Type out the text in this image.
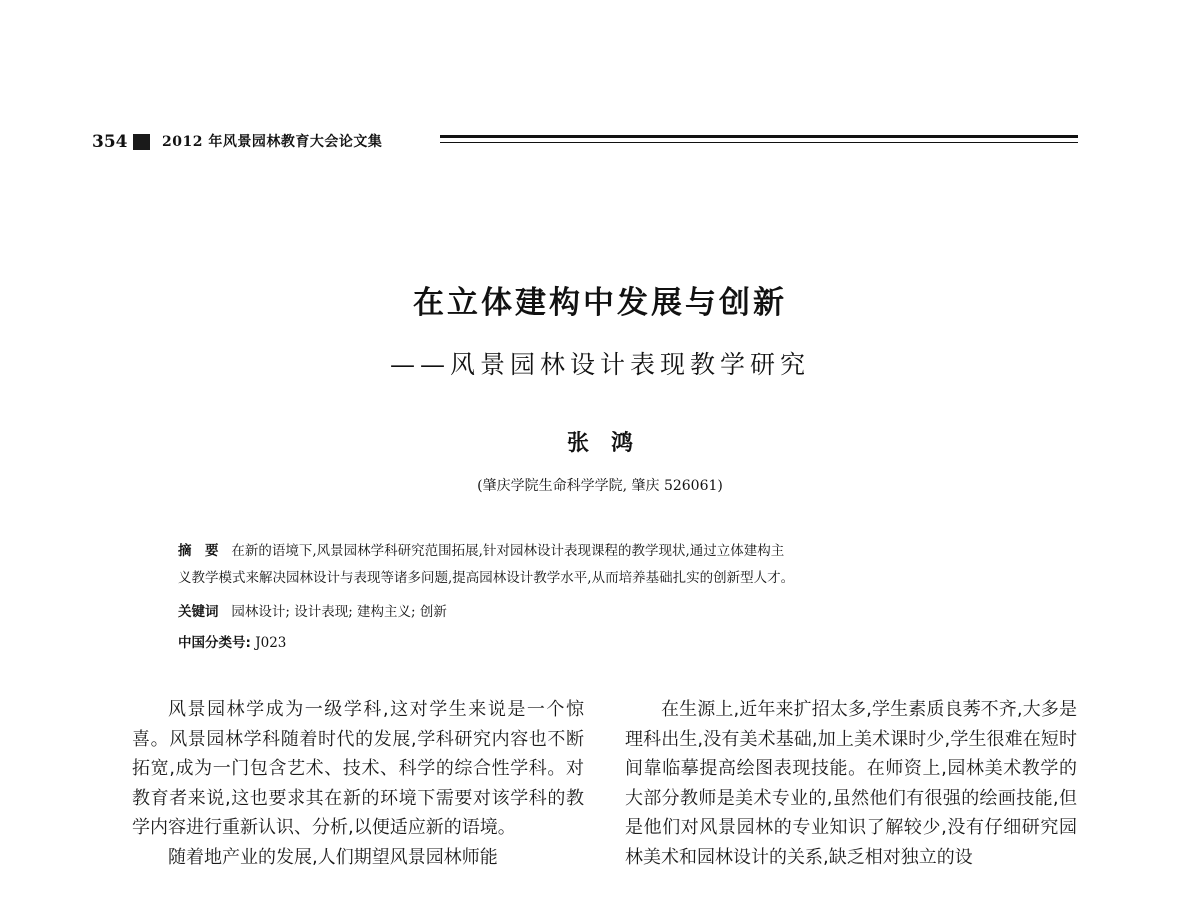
354 2012 年风景园林教育大会论文集
在立体建构中发展与创新
——风景园林设计表现教学研究
张　鸿
(肇庆学院生命科学学院, 肇庆 526061)
摘　要 在新的语境下,风景园林学科研究范围拓展,针对园林设计表现课程的教学现状,通过立体建构主
义教学模式来解决园林设计与表现等诸多问题,提高园林设计教学水平,从而培养基础扎实的创新型人才。
关键词 园林设计; 设计表现; 建构主义; 创新
中国分类号: J023

风景园林学成为一级学科,这对学生来说是一个惊喜。风景园林学科随着时代的发展,学科研究内容也不断拓宽,成为一门包含艺术、技术、科学的综合性学科。对教育者来说,这也要求其在新的环境下需要对该学科的教学内容进行重新认识、分析,以便适应新的语境。

随着地产业的发展,人们期望风景园林师能

在生源上,近年来扩招太多,学生素质良莠不齐,大多是理科出生,没有美术基础,加上美术课时少,学生很难在短时间靠临摹提高绘图表现技能。在师资上,园林美术教学的大部分教师是美术专业的,虽然他们有很强的绘画技能,但是他们对风景园林的专业知识了解较少,没有仔细研究园林美术和园林设计的关系,缺乏相对独立的设
